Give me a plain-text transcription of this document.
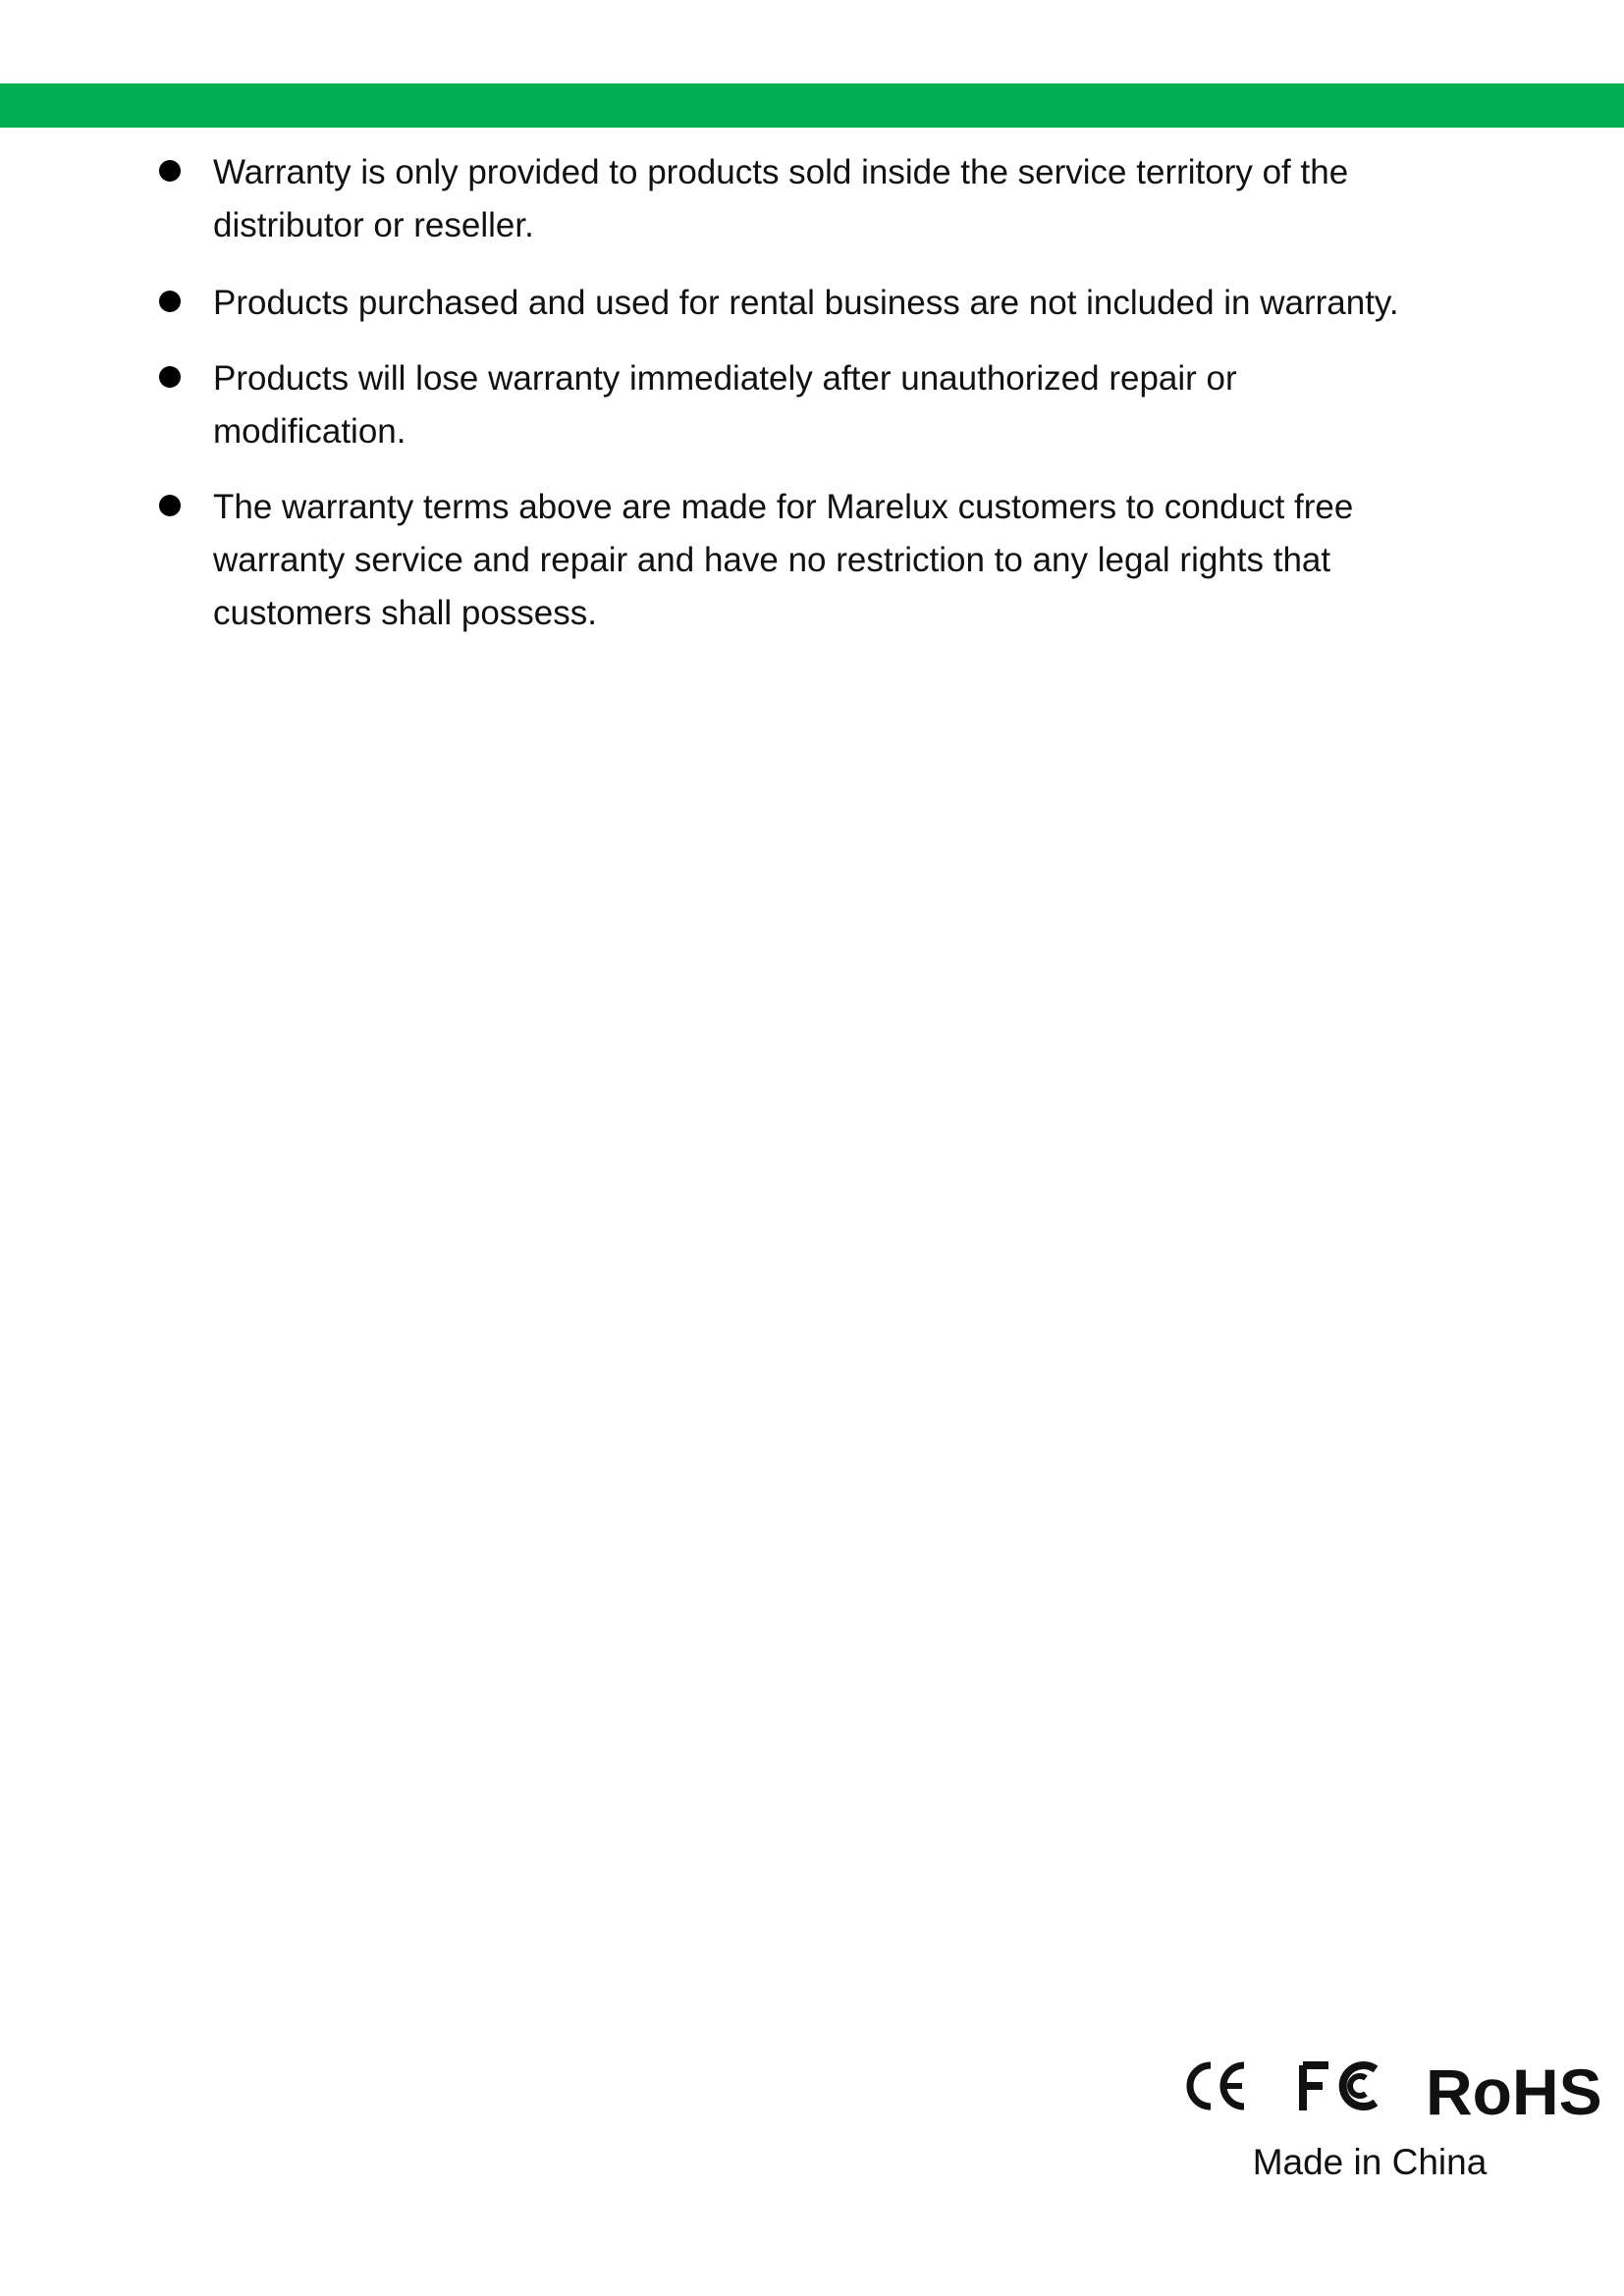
Warranty is only provided to products sold inside the service territory of the
distributor or reseller.
Products purchased and used for rental business are not included in warranty.
Products will lose warranty immediately after unauthorized repair or
modification.
The warranty terms above are made for Marelux customers to conduct free
warranty service and repair and have no restriction to any legal rights that
customers shall possess.
RoHS
Made in China
